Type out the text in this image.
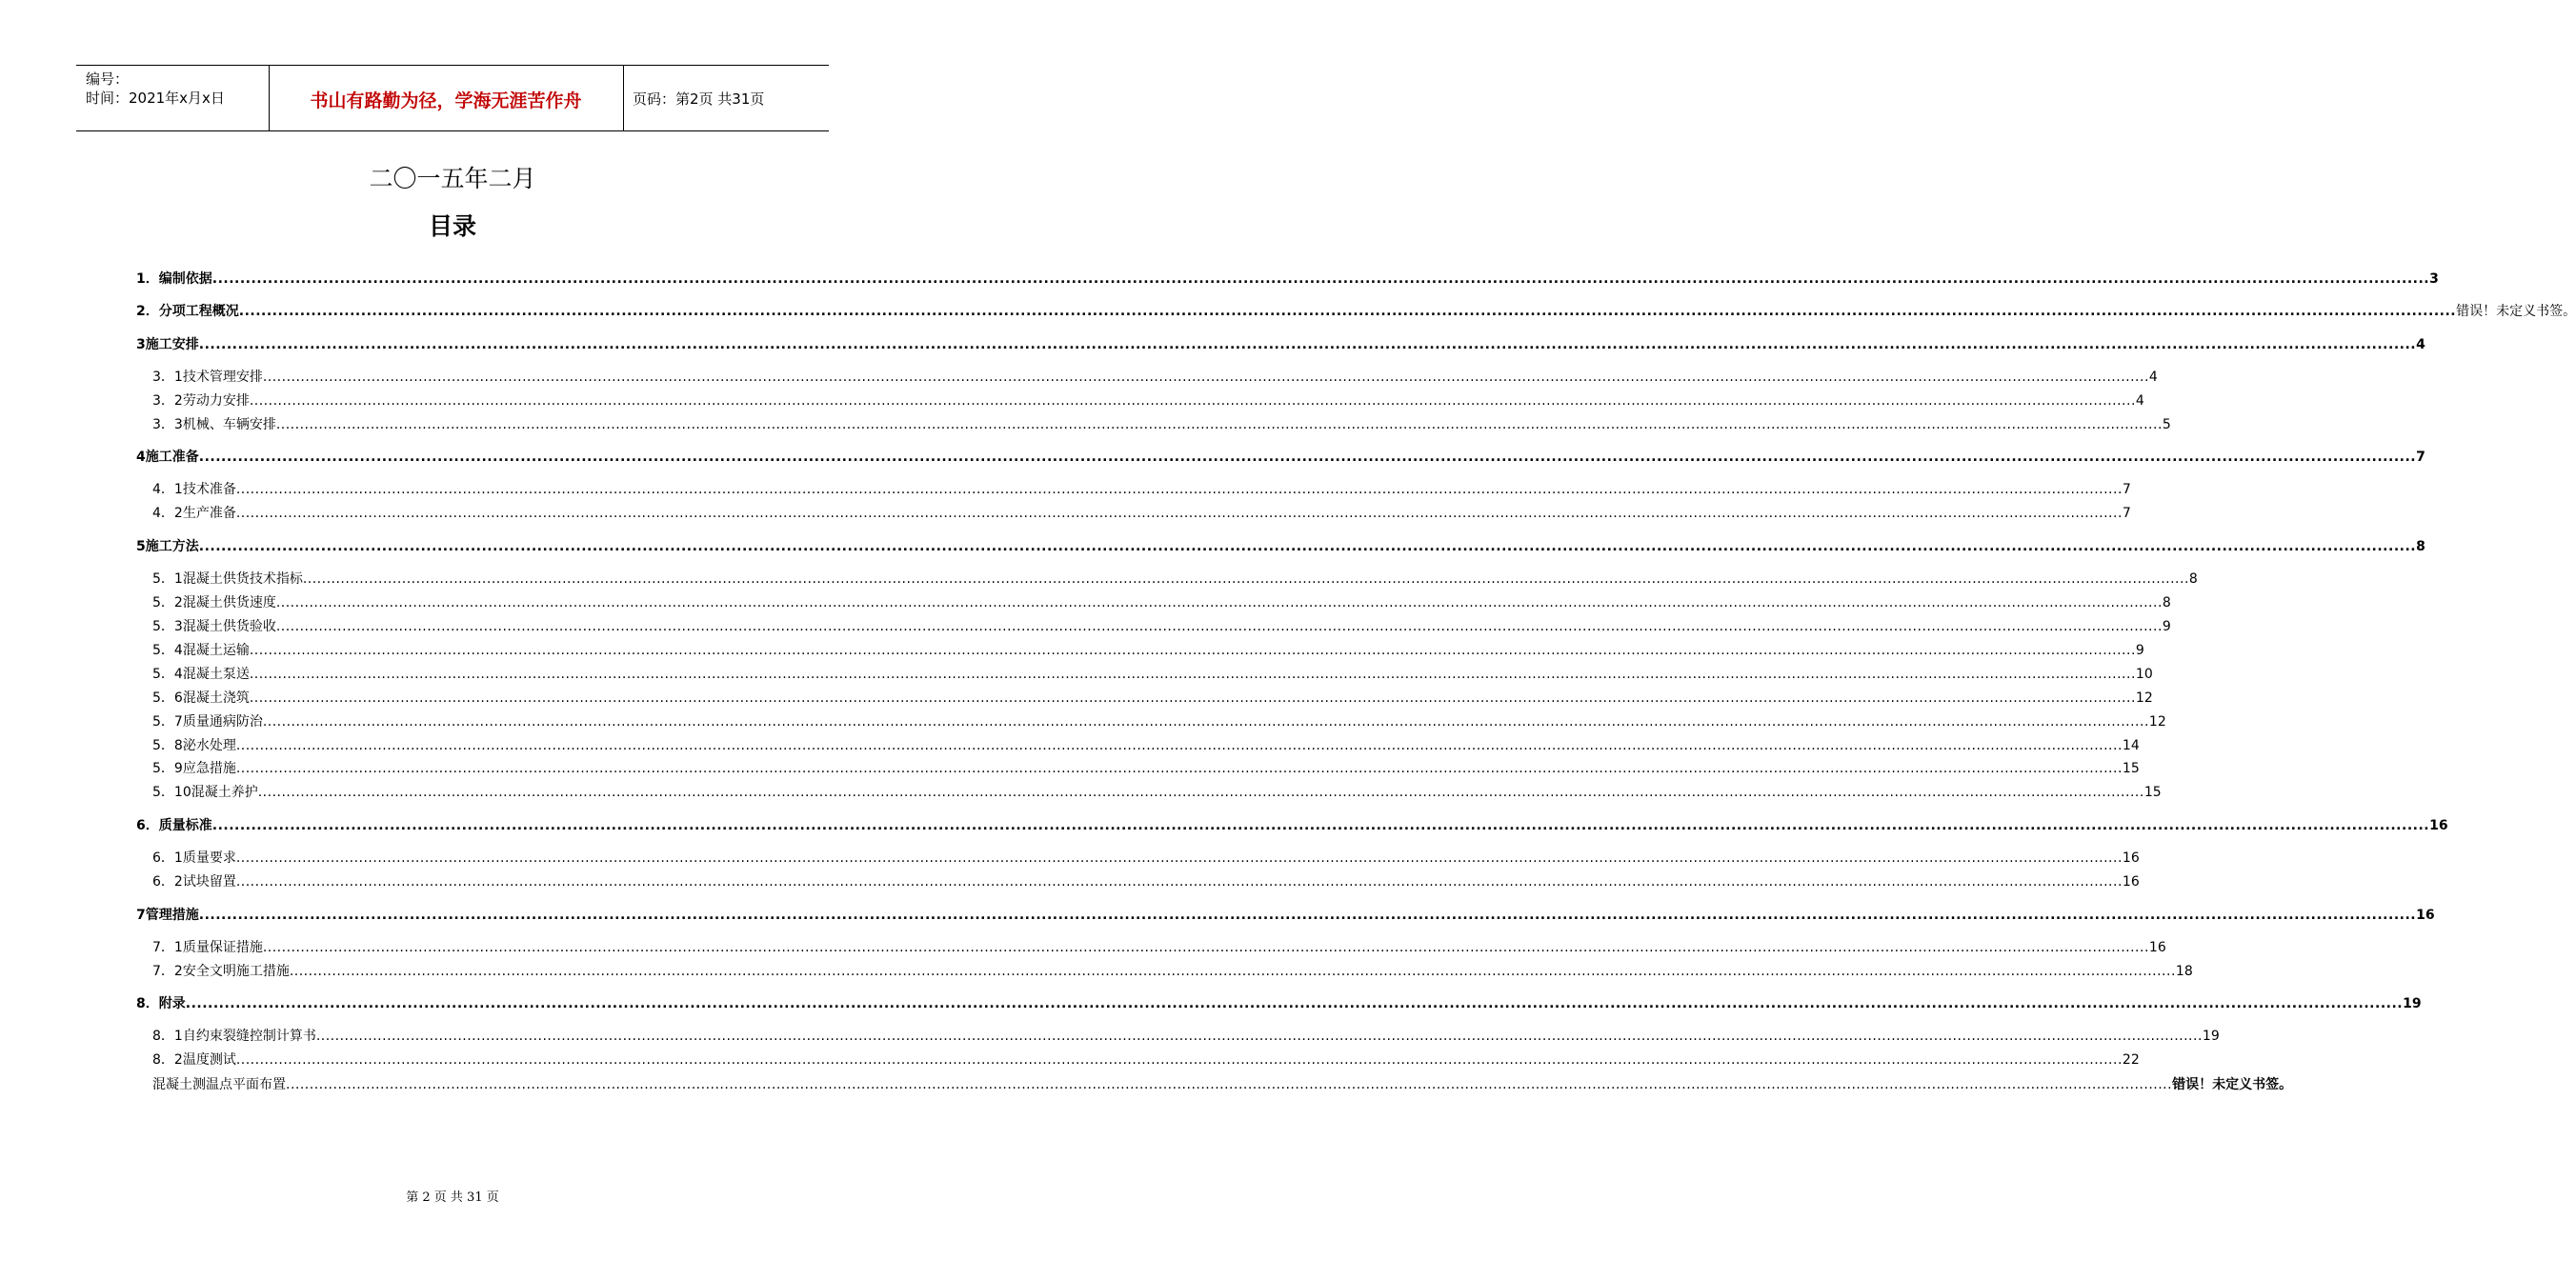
编号：
时间：2021年x月x日	书山有路勤为径，学海无涯苦作舟	页码：第2页 共31页
二〇一五年二月
目录
1．编制依据 ................................................................................................................................................................................................................................................................................................................................................................................................................ 3
2．分项工程概况 ................................................................................................................................................................................................................................................................................................................................................................................................................ 错误！未定义书签。
3施工安排 ................................................................................................................................................................................................................................................................................................................................................................................................................ 4
3．1技术管理安排 ................................................................................................................................................................................................................................................................................................................................................................................................................ 4
3．2劳动力安排 ................................................................................................................................................................................................................................................................................................................................................................................................................ 4
3．3机械、车辆安排 ................................................................................................................................................................................................................................................................................................................................................................................................................ 5
4施工准备 ................................................................................................................................................................................................................................................................................................................................................................................................................ 7
4．1技术准备 ................................................................................................................................................................................................................................................................................................................................................................................................................ 7
4．2生产准备 ................................................................................................................................................................................................................................................................................................................................................................................................................ 7
5施工方法 ................................................................................................................................................................................................................................................................................................................................................................................................................ 8
5．1混凝土供货技术指标 ................................................................................................................................................................................................................................................................................................................................................................................................................ 8
5．2混凝土供货速度 ................................................................................................................................................................................................................................................................................................................................................................................................................ 8
5．3混凝土供货验收 ................................................................................................................................................................................................................................................................................................................................................................................................................ 9
5．4混凝土运输 ................................................................................................................................................................................................................................................................................................................................................................................................................ 9
5．4混凝土泵送 ................................................................................................................................................................................................................................................................................................................................................................................................................ 10
5．6混凝土浇筑 ................................................................................................................................................................................................................................................................................................................................................................................................................ 12
5．7质量通病防治 ................................................................................................................................................................................................................................................................................................................................................................................................................ 12
5．8泌水处理 ................................................................................................................................................................................................................................................................................................................................................................................................................ 14
5．9应急措施 ................................................................................................................................................................................................................................................................................................................................................................................................................ 15
5．10混凝土养护 ................................................................................................................................................................................................................................................................................................................................................................................................................ 15
6．质量标准 ................................................................................................................................................................................................................................................................................................................................................................................................................ 16
6．1质量要求 ................................................................................................................................................................................................................................................................................................................................................................................................................ 16
6．2试块留置 ................................................................................................................................................................................................................................................................................................................................................................................................................ 16
7管理措施 ................................................................................................................................................................................................................................................................................................................................................................................................................ 16
7．1质量保证措施 ................................................................................................................................................................................................................................................................................................................................................................................................................ 16
7．2安全文明施工措施 ................................................................................................................................................................................................................................................................................................................................................................................................................ 18
8．附录 ................................................................................................................................................................................................................................................................................................................................................................................................................ 19
8．1自约束裂缝控制计算书 ................................................................................................................................................................................................................................................................................................................................................................................................................ 19
8．2温度测试 ................................................................................................................................................................................................................................................................................................................................................................................................................ 22
混凝土测温点平面布置 ................................................................................................................................................................................................................................................................................................................................................................................................................ 错误！未定义书签。
第 2 页 共 31 页
